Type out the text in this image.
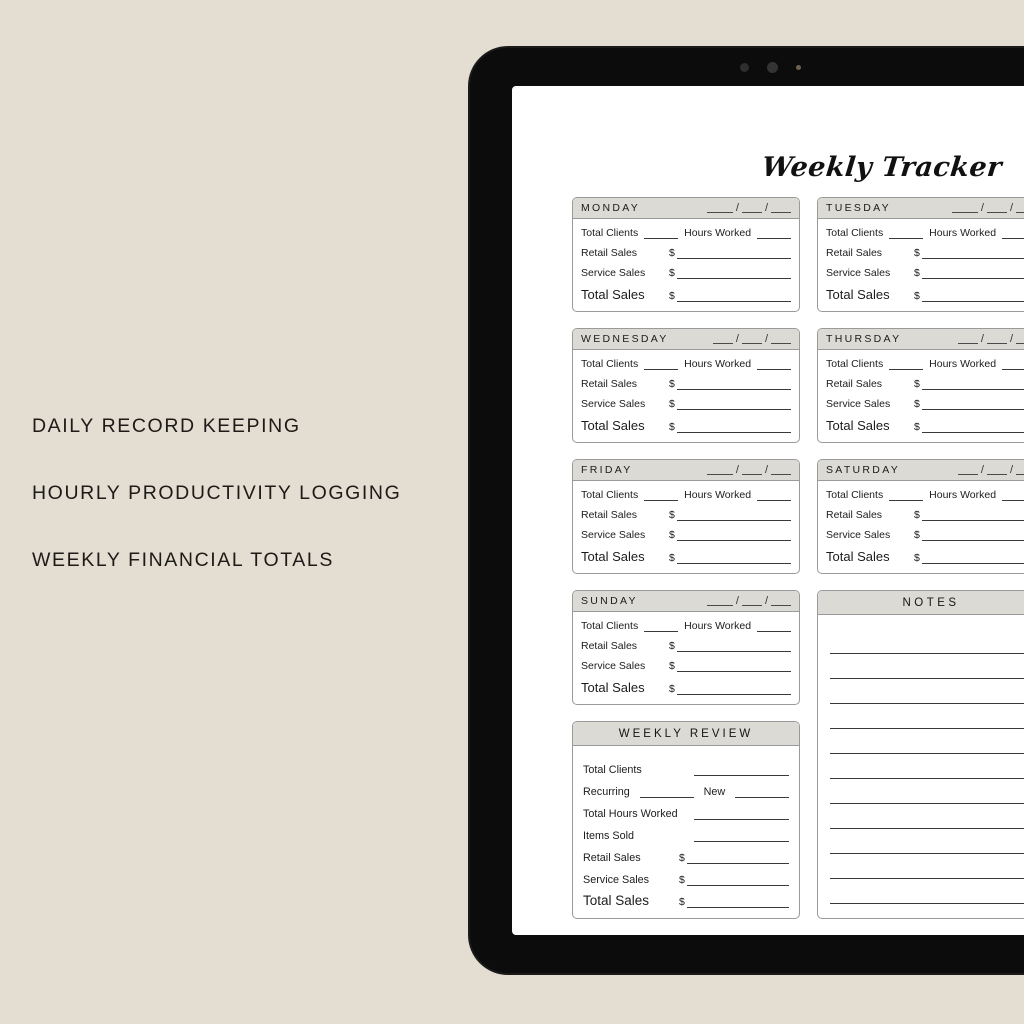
DAILY RECORD KEEPING
HOURLY PRODUCTIVITY LOGGING
WEEKLY FINANCIAL TOTALS
Weekly Tracker
MONDAY	/ /
Total Clients	Hours Worked
Retail Sales	$
Service Sales $
Total Sales $
TUESDAY	/ /
Total Clients	Hours Worked
Retail Sales	$
Service Sales $
Total Sales $
WEDNESDAY	/ /
Total Clients	Hours Worked
Retail Sales	$
Service Sales $
Total Sales $
THURSDAY	/ /
Total Clients	Hours Worked
Retail Sales	$
Service Sales $
Total Sales $
FRIDAY	/ /
Total Clients	Hours Worked
Retail Sales	$
Service Sales $
Total Sales $
SATURDAY	/ /
Total Clients	Hours Worked
Retail Sales	$
Service Sales $
Total Sales $
SUNDAY	/ /
Total Clients	Hours Worked
Retail Sales	$
Service Sales $
Total Sales $
NOTES
WEEKLY REVIEW
Total Clients
Recurring	New
Total Hours Worked
Items Sold
Retail Sales	$
Service Sales	$
Total Sales	$
